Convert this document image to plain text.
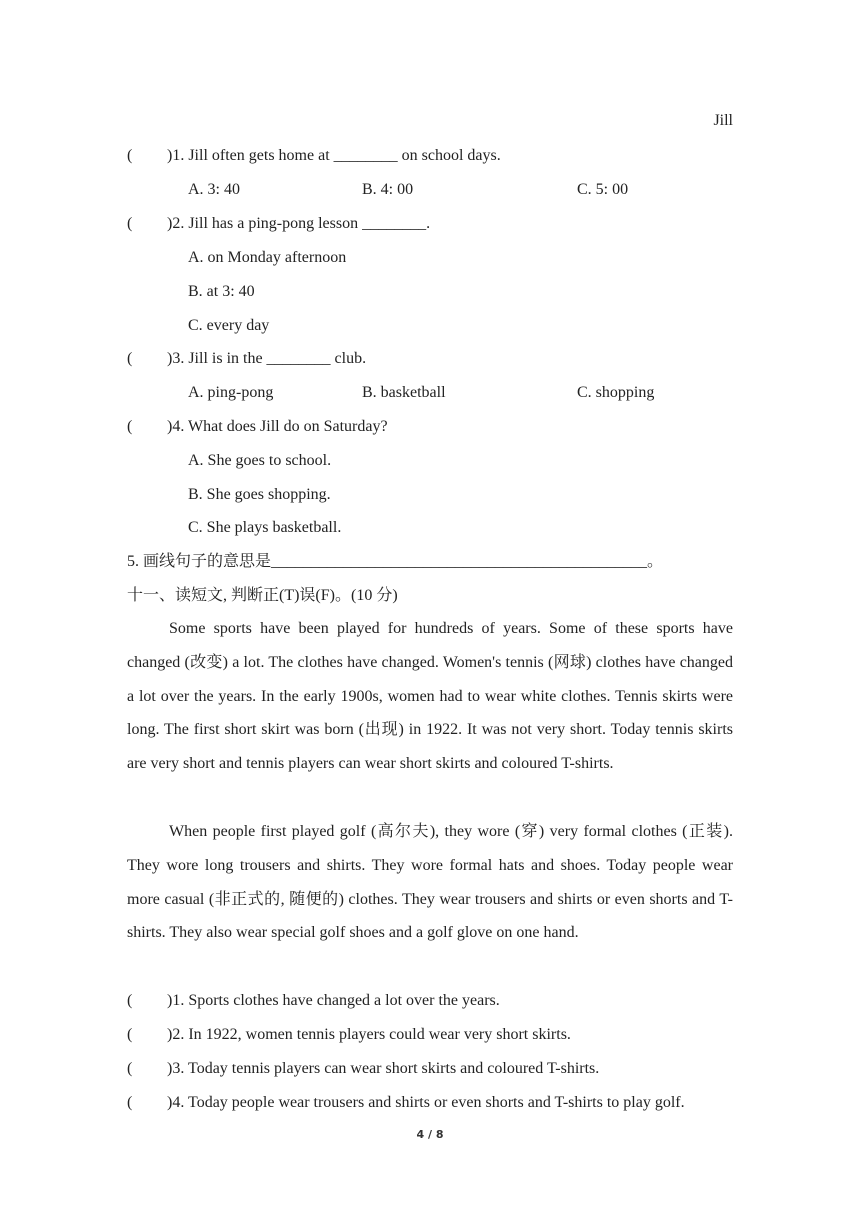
Jill
( )1. Jill often gets home at ________ on school days.
A. 3: 40	B. 4: 00	C. 5: 00
( )2. Jill has a ping-pong lesson ________.
A. on Monday afternoon
B. at 3: 40
C. every day
( )3. Jill is in the ________ club.
A. ping-pong	B. basketball	C. shopping
( )4. What does Jill do on Saturday?
A. She goes to school.
B. She goes shopping.
C. She plays basketball.
5. 画线句子的意思是_______________________________________________。
十一、读短文, 判断正(T)误(F)。(10 分)

Some sports have been played for hundreds of years. Some of these sports have changed (改变) a lot. The clothes have changed. Women's tennis (网球) clothes have changed a lot over the years. In the early 1900s, women had to wear white clothes. Tennis skirts were long. The first short skirt was born (出现) in 1922. It was not very short. Today tennis skirts are very short and tennis players can wear short skirts and coloured T-shirts.

When people first played golf (高尔夫), they wore (穿) very formal clothes (正装). They wore long trousers and shirts. They wore formal hats and shoes. Today people wear more casual (非正式的, 随便的) clothes. They wear trousers and shirts or even shorts and T-shirts. They also wear special golf shoes and a golf glove on one hand.

( )1. Sports clothes have changed a lot over the years.
( )2. In 1922, women tennis players could wear very short skirts.
( )3. Today tennis players can wear short skirts and coloured T-shirts.
( )4. Today people wear trousers and shirts or even shorts and T-shirts to play golf.
4 / 8
